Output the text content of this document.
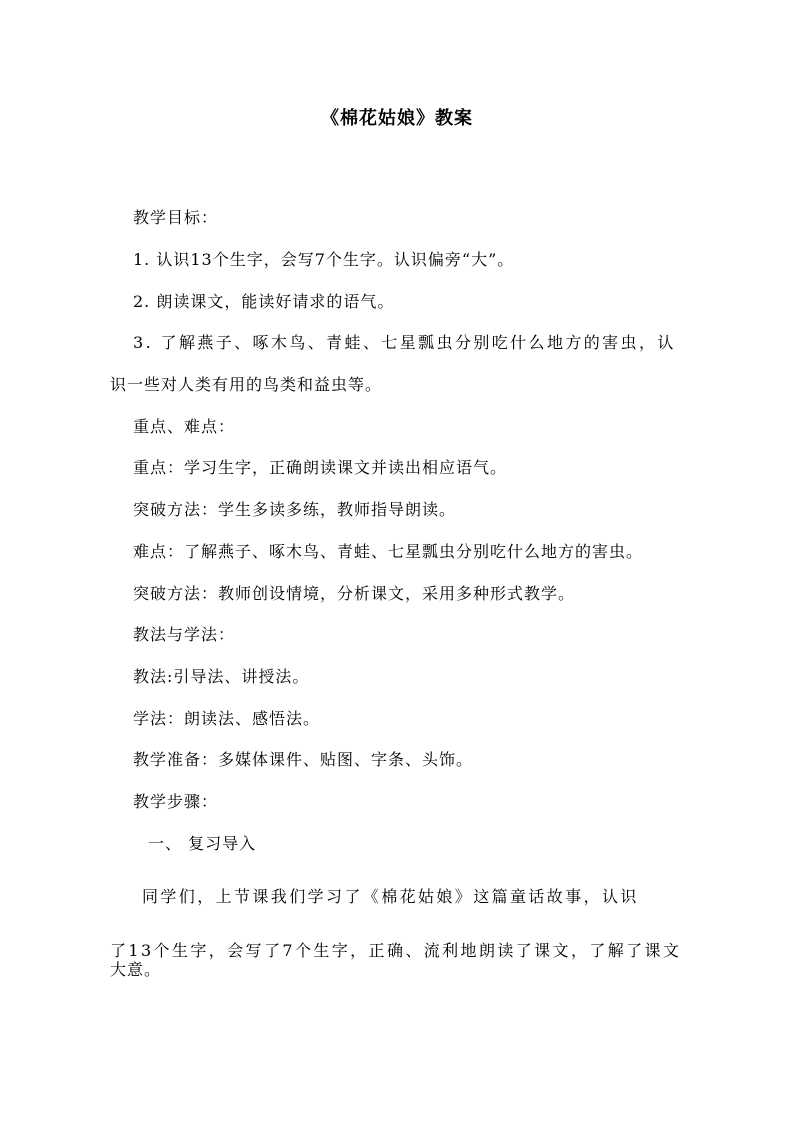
《棉花姑娘》教案
教学目标：
1. 认识13个生字，会写7个生字。认识偏旁“大”。
2. 朗读课文，能读好请求的语气。
3. 了解燕子、啄木鸟、青蛙、七星瓢虫分别吃什么地方的害虫，认
识一些对人类有用的鸟类和益虫等。
重点、难点：
重点：学习生字，正确朗读课文并读出相应语气。
突破方法：学生多读多练，教师指导朗读。
难点：了解燕子、啄木鸟、青蛙、七星瓢虫分别吃什么地方的害虫。
突破方法：教师创设情境，分析课文，采用多种形式教学。
教法与学法：
教法:引导法、讲授法。
学法：朗读法、感悟法。
教学准备：多媒体课件、贴图、字条、头饰。
教学步骤：
一、 复习导入
同学们，上节课我们学习了《棉花姑娘》这篇童话故事，认识
了13个生字，会写了7个生字，正确、流利地朗读了课文，了解了课文
大意。
